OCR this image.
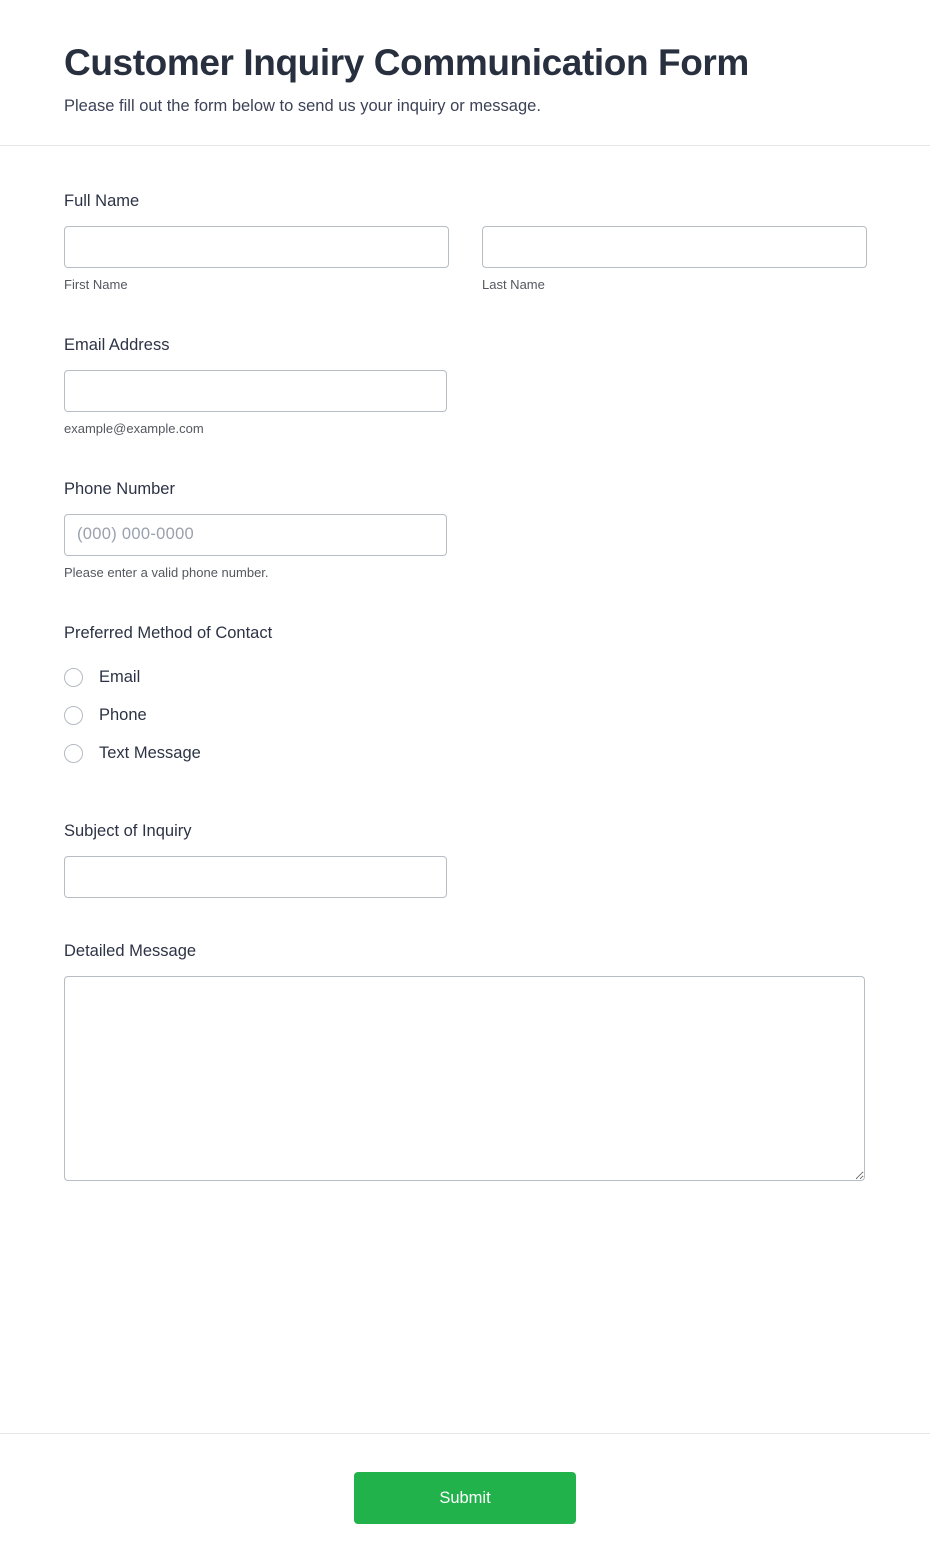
Customer Inquiry Communication Form

Please fill out the form below to send us your inquiry or message.

Full Name
First Name	Last Name
Email Address
example@example.com
Phone Number
(000) 000-0000
Please enter a valid phone number.
Preferred Method of Contact
Email
Phone
Text Message
Subject of Inquiry
Detailed Message
Submit
